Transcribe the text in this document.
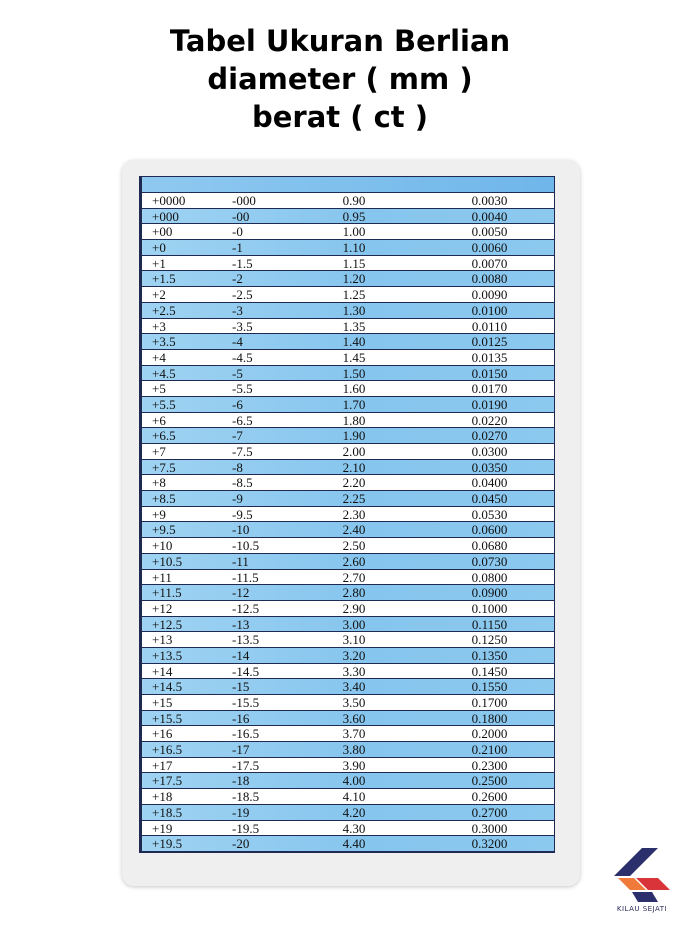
Tabel Ukuran Berlian
diameter ( mm )
berat ( ct )
+0000	-000	0.90	0.0030
+000	-00	0.95	0.0040
+00	-0	1.00	0.0050
+0	-1	1.10	0.0060
+1	-1.5	1.15	0.0070
+1.5	-2	1.20	0.0080
+2	-2.5	1.25	0.0090
+2.5	-3	1.30	0.0100
+3	-3.5	1.35	0.0110
+3.5	-4	1.40	0.0125
+4	-4.5	1.45	0.0135
+4.5	-5	1.50	0.0150
+5	-5.5	1.60	0.0170
+5.5	-6	1.70	0.0190
+6	-6.5	1.80	0.0220
+6.5	-7	1.90	0.0270
+7	-7.5	2.00	0.0300
+7.5	-8	2.10	0.0350
+8	-8.5	2.20	0.0400
+8.5	-9	2.25	0.0450
+9	-9.5	2.30	0.0530
+9.5	-10	2.40	0.0600
+10	-10.5	2.50	0.0680
+10.5	-11	2.60	0.0730
+11	-11.5	2.70	0.0800
+11.5	-12	2.80	0.0900
+12	-12.5	2.90	0.1000
+12.5	-13	3.00	0.1150
+13	-13.5	3.10	0.1250
+13.5	-14	3.20	0.1350
+14	-14.5	3.30	0.1450
+14.5	-15	3.40	0.1550
+15	-15.5	3.50	0.1700
+15.5	-16	3.60	0.1800
+16	-16.5	3.70	0.2000
+16.5	-17	3.80	0.2100
+17	-17.5	3.90	0.2300
+17.5	-18	4.00	0.2500
+18	-18.5	4.10	0.2600
+18.5	-19	4.20	0.2700
+19	-19.5	4.30	0.3000
+19.5	-20	4.40	0.3200
KILAU SEJATI
